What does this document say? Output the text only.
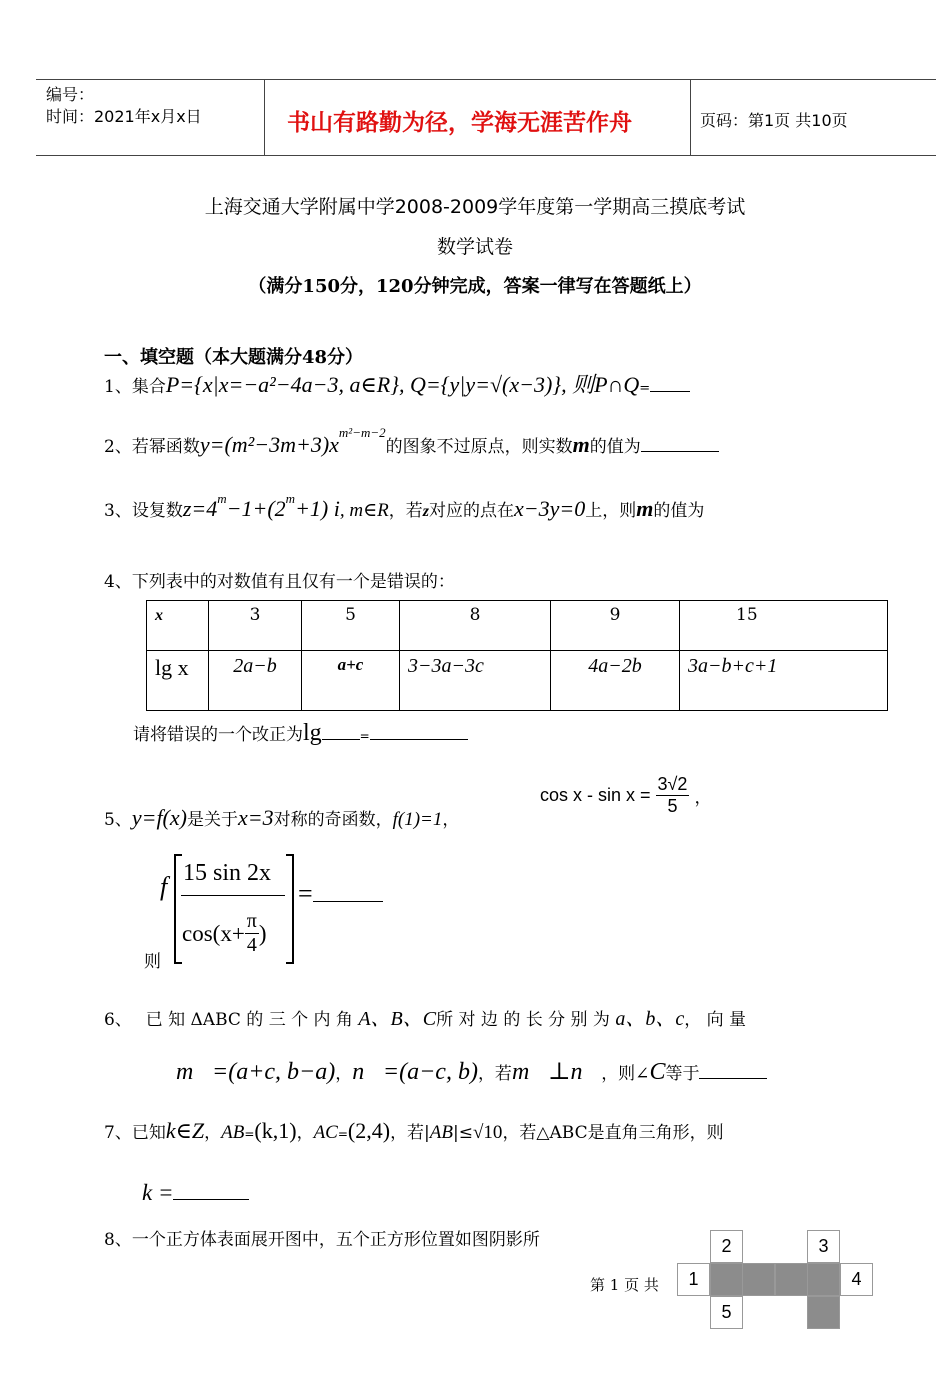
编号：
时间：2021年x月x日	书山有路勤为径，学海无涯苦作舟	页码：第1页 共10页
上海交通大学附属中学2008-2009学年度第一学期高三摸底考试
数学试卷
（满分150分，120分钟完成，答案一律写在答题纸上）
一、填空题（本大题满分48分）
1、集合P={x|x=−a²−4a−3, a∈R}, Q={y|y=√(x−3)}, 则P∩Q=
2、若幂函数$y=(m^2-3m+3)x^{m^2-m-2}$的图象不过原点，则实数m的值为
3、设复数$z=4^m-1+(2^m+1)$ i, m∈R，若z对应的点在x−3y=0上，则m的值为
4、下列表中的对数值有且仅有一个是错误的：
x	3	5	8	9	15
lg x	2a−b	a+c	3−3a−3c	4a−2b	3a−b+c+1
请将错误的一个改正为lg	=
5、y=f(x)是关于x=3对称的奇函数，f(1)=1，
$\cos x - \sin x = \frac{3√2}{5}$ ，
则
f 15 sin 2x
$\cos(x+ \frac{\pi}{4}$ )
=
6、　 已 知 ΔABC 的 三 个 内 角 A、B、C所 对 边 的 长 分 别 为 a、b、c， 向 量
m⃗=(a+c, b−a)，n⃗=(a−c, b)，若m⃗⊥n⃗，则∠C等于
7、已知k∈Z，AB=(k,1)，AC=(2,4)，若|AB|≤√10，若△ABC是直角三角形，则
k =
8、一个正方体表面展开图中，五个正方形位置如图阴影所	2	3
1	4
5
第 1 页 共
